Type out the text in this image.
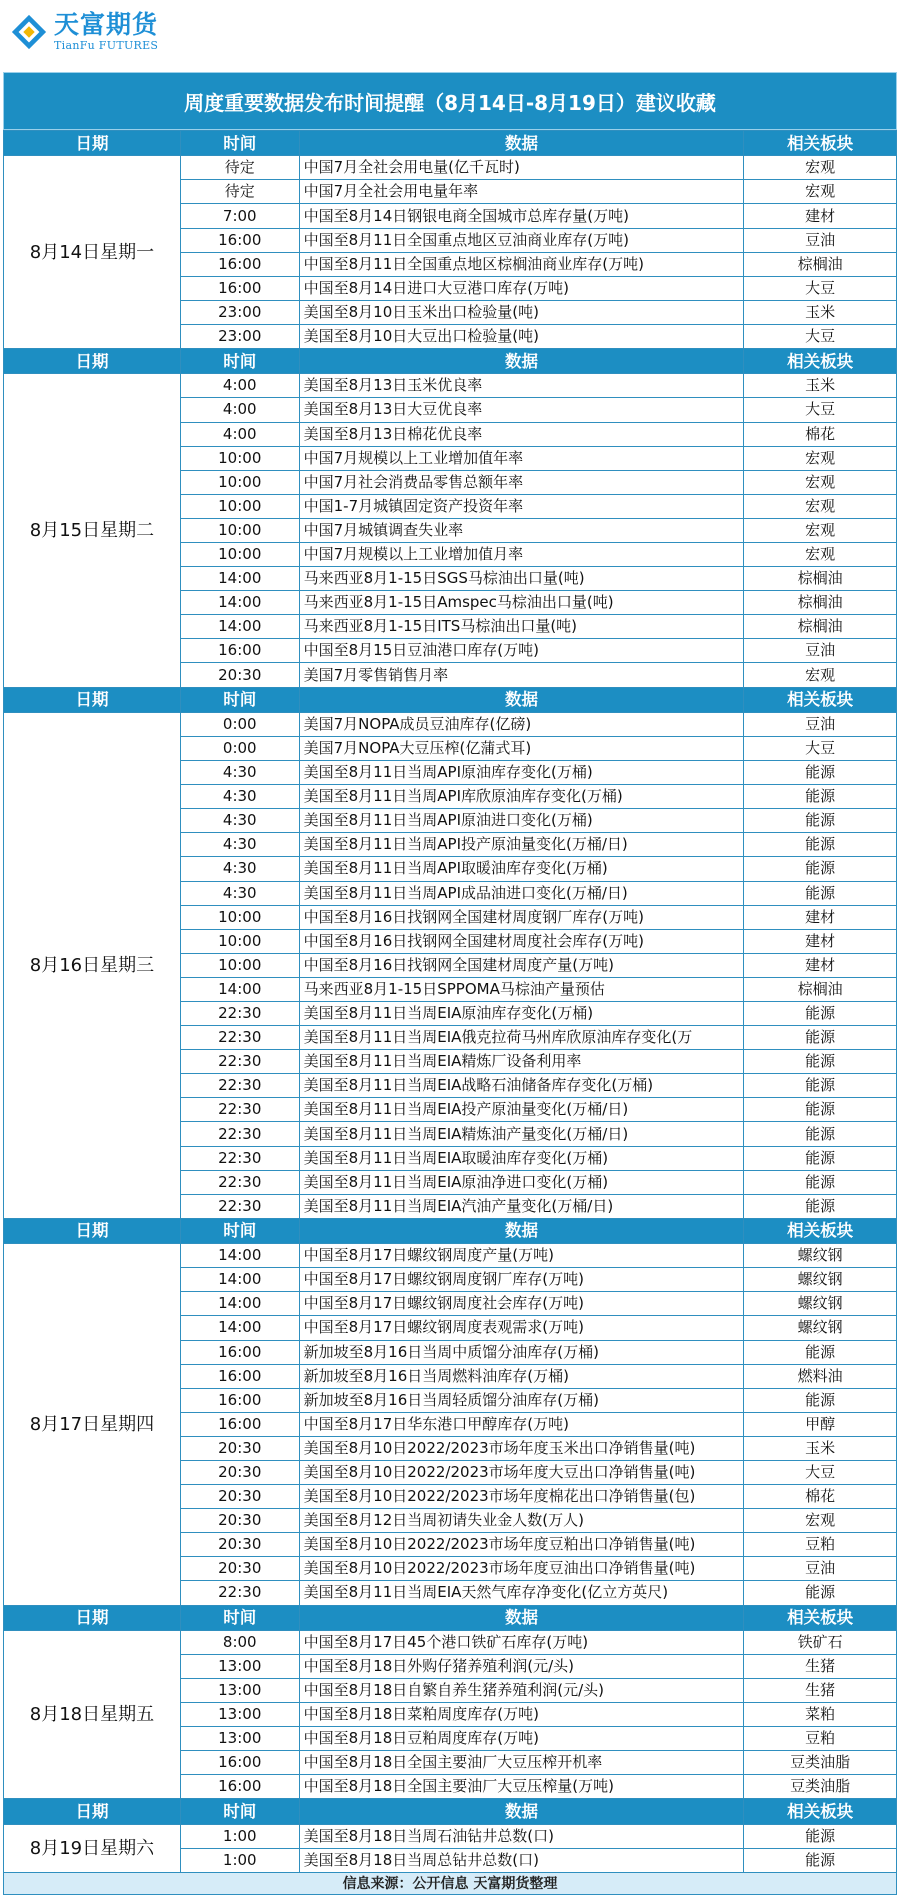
天富期货
TianFu FUTURES
周度重要数据发布时间提醒（8月14日-8月19日）建议收藏
日期	时间	数据	相关板块
8月14日星期一	待定	中国7月全社会用电量(亿千瓦时)	宏观
	待定	中国7月全社会用电量年率	宏观
	7:00	中国至8月14日钢银电商全国城市总库存量(万吨)	建材
	16:00	中国至8月11日全国重点地区豆油商业库存(万吨)	豆油
	16:00	中国至8月11日全国重点地区棕榈油商业库存(万吨)	棕榈油
	16:00	中国至8月14日进口大豆港口库存(万吨)	大豆
	23:00	美国至8月10日玉米出口检验量(吨)	玉米
	23:00	美国至8月10日大豆出口检验量(吨)	大豆
日期	时间	数据	相关板块
8月15日星期二	4:00	美国至8月13日玉米优良率	玉米
	4:00	美国至8月13日大豆优良率	大豆
	4:00	美国至8月13日棉花优良率	棉花
	10:00	中国7月规模以上工业增加值年率	宏观
	10:00	中国7月社会消费品零售总额年率	宏观
	10:00	中国1-7月城镇固定资产投资年率	宏观
	10:00	中国7月城镇调查失业率	宏观
	10:00	中国7月规模以上工业增加值月率	宏观
	14:00	马来西亚8月1-15日SGS马棕油出口量(吨)	棕榈油
	14:00	马来西亚8月1-15日Amspec马棕油出口量(吨)	棕榈油
	14:00	马来西亚8月1-15日ITS马棕油出口量(吨)	棕榈油
	16:00	中国至8月15日豆油港口库存(万吨)	豆油
	20:30	美国7月零售销售月率	宏观
日期	时间	数据	相关板块
8月16日星期三	0:00	美国7月NOPA成员豆油库存(亿磅)	豆油
	0:00	美国7月NOPA大豆压榨(亿蒲式耳)	大豆
	4:30	美国至8月11日当周API原油库存变化(万桶)	能源
	4:30	美国至8月11日当周API库欣原油库存变化(万桶)	能源
	4:30	美国至8月11日当周API原油进口变化(万桶)	能源
	4:30	美国至8月11日当周API投产原油量变化(万桶/日)	能源
	4:30	美国至8月11日当周API取暖油库存变化(万桶)	能源
	4:30	美国至8月11日当周API成品油进口变化(万桶/日)	能源
	10:00	中国至8月16日找钢网全国建材周度钢厂库存(万吨)	建材
	10:00	中国至8月16日找钢网全国建材周度社会库存(万吨)	建材
	10:00	中国至8月16日找钢网全国建材周度产量(万吨)	建材
	14:00	马来西亚8月1-15日SPPOMA马棕油产量预估	棕榈油
	22:30	美国至8月11日当周EIA原油库存变化(万桶)	能源
	22:30	美国至8月11日当周EIA俄克拉荷马州库欣原油库存变化(万	能源
	22:30	美国至8月11日当周EIA精炼厂设备利用率	能源
	22:30	美国至8月11日当周EIA战略石油储备库存变化(万桶)	能源
	22:30	美国至8月11日当周EIA投产原油量变化(万桶/日)	能源
	22:30	美国至8月11日当周EIA精炼油产量变化(万桶/日)	能源
	22:30	美国至8月11日当周EIA取暖油库存变化(万桶)	能源
	22:30	美国至8月11日当周EIA原油净进口变化(万桶)	能源
	22:30	美国至8月11日当周EIA汽油产量变化(万桶/日)	能源
日期	时间	数据	相关板块
8月17日星期四	14:00	中国至8月17日螺纹钢周度产量(万吨)	螺纹钢
	14:00	中国至8月17日螺纹钢周度钢厂库存(万吨)	螺纹钢
	14:00	中国至8月17日螺纹钢周度社会库存(万吨)	螺纹钢
	14:00	中国至8月17日螺纹钢周度表观需求(万吨)	螺纹钢
	16:00	新加坡至8月16日当周中质馏分油库存(万桶)	能源
	16:00	新加坡至8月16日当周燃料油库存(万桶)	燃料油
	16:00	新加坡至8月16日当周轻质馏分油库存(万桶)	能源
	16:00	中国至8月17日华东港口甲醇库存(万吨)	甲醇
	20:30	美国至8月10日2022/2023市场年度玉米出口净销售量(吨)	玉米
	20:30	美国至8月10日2022/2023市场年度大豆出口净销售量(吨)	大豆
	20:30	美国至8月10日2022/2023市场年度棉花出口净销售量(包)	棉花
	20:30	美国至8月12日当周初请失业金人数(万人)	宏观
	20:30	美国至8月10日2022/2023市场年度豆粕出口净销售量(吨)	豆粕
	20:30	美国至8月10日2022/2023市场年度豆油出口净销售量(吨)	豆油
	22:30	美国至8月11日当周EIA天然气库存净变化(亿立方英尺)	能源
日期	时间	数据	相关板块
8月18日星期五	8:00	中国至8月17日45个港口铁矿石库存(万吨)	铁矿石
	13:00	中国至8月18日外购仔猪养殖利润(元/头)	生猪
	13:00	中国至8月18日自繁自养生猪养殖利润(元/头)	生猪
	13:00	中国至8月18日菜粕周度库存(万吨)	菜粕
	13:00	中国至8月18日豆粕周度库存(万吨)	豆粕
	16:00	中国至8月18日全国主要油厂大豆压榨开机率	豆类油脂
	16:00	中国至8月18日全国主要油厂大豆压榨量(万吨)	豆类油脂
日期	时间	数据	相关板块
8月19日星期六	1:00	美国至8月18日当周石油钻井总数(口)	能源
	1:00	美国至8月18日当周总钻井总数(口)	能源
信息来源：公开信息 天富期货整理
